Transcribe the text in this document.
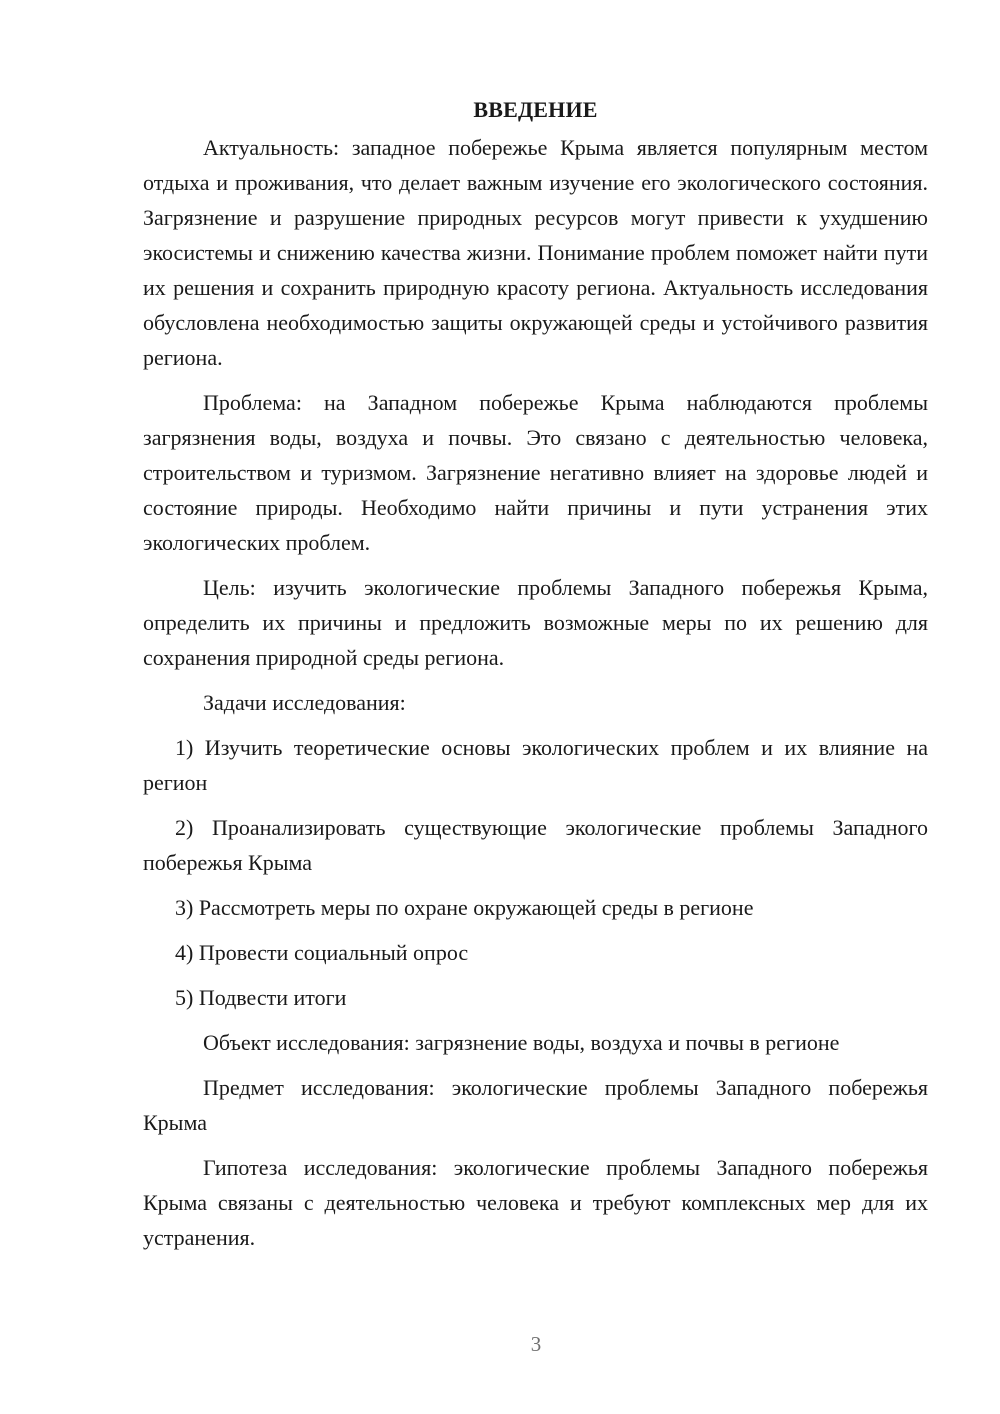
ВВЕДЕНИЕ

Актуальность: западное побережье Крыма является популярным местом отдыха и проживания, что делает важным изучение его экологического состояния. Загрязнение и разрушение природных ресурсов могут привести к ухудшению экосистемы и снижению качества жизни. Понимание проблем поможет найти пути их решения и сохранить природную красоту региона. Актуальность исследования обусловлена необходимостью защиты окружающей среды и устойчивого развития региона.

Проблема: на Западном побережье Крыма наблюдаются проблемы загрязнения воды, воздуха и почвы. Это связано с деятельностью человека, строительством и туризмом. Загрязнение негативно влияет на здоровье людей и состояние природы. Необходимо найти причины и пути устранения этих экологических проблем.

Цель: изучить экологические проблемы Западного побережья Крыма, определить их причины и предложить возможные меры по их решению для сохранения природной среды региона.

Задачи исследования:

1) Изучить теоретические основы экологических проблем и их влияние на регион

2) Проанализировать существующие экологические проблемы Западного побережья Крыма

3) Рассмотреть меры по охране окружающей среды в регионе

4) Провести социальный опрос

5) Подвести итоги

Объект исследования: загрязнение воды, воздуха и почвы в регионе

Предмет исследования: экологические проблемы Западного побережья Крыма

Гипотеза исследования: экологические проблемы Западного побережья Крыма связаны с деятельностью человека и требуют комплексных мер для их устранения.

3
